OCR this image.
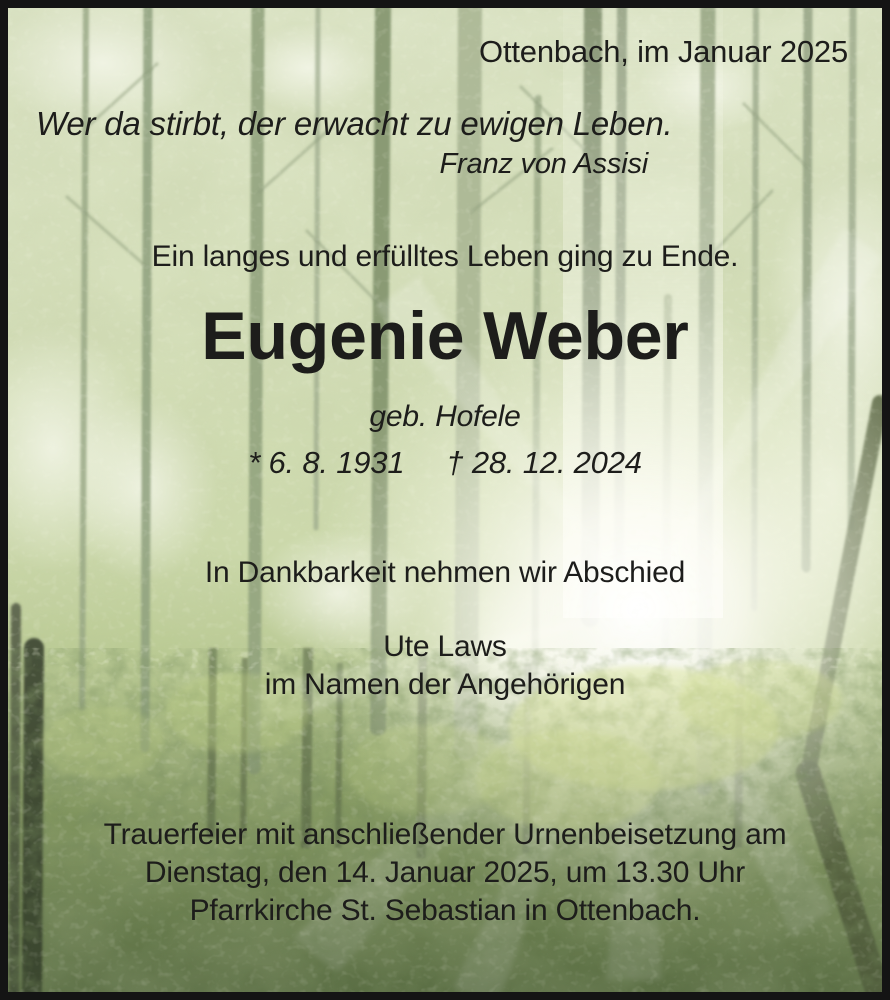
Ottenbach, im Januar 2025
Wer da stirbt, der erwacht zu ewigen Leben.
Franz von Assisi
Ein langes und erfülltes Leben ging zu Ende.
Eugenie Weber
geb. Hofele
* 6. 8. 1931 † 28. 12. 2024
In Dankbarkeit nehmen wir Abschied
Ute Laws
im Namen der Angehörigen
Trauerfeier mit anschließender Urnenbeisetzung am
Dienstag, den 14. Januar 2025, um 13.30 Uhr
Pfarrkirche St. Sebastian in Ottenbach.
